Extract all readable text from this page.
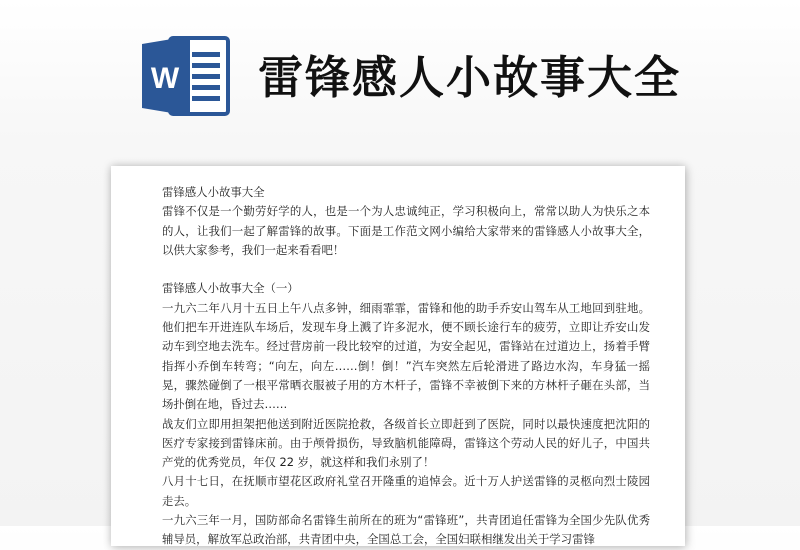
W 雷锋感人小故事大全

雷锋感人小故事大全

雷锋不仅是一个勤劳好学的人，也是一个为人忠诚纯正，学习积极向上，常常以助人为快乐之本的人，让我们一起了解雷锋的故事。下面是工作范文网小编给大家带来的雷锋感人小故事大全，以供大家参考，我们一起来看看吧！

雷锋感人小故事大全（一）

一九六二年八月十五日上午八点多钟，细雨霏霏，雷锋和他的助手乔安山驾车从工地回到驻地。他们把车开进连队车场后，发现车身上溅了许多泥水，便不顾长途行车的疲劳，立即让乔安山发动车到空地去洗车。经过营房前一段比较窄的过道，为安全起见，雷锋站在过道边上，扬着手臂指挥小乔倒车转弯；“向左，向左……倒！倒！”汽车突然左后轮滑进了路边水沟，车身猛一摇晃，骤然碰倒了一根平常晒衣服被子用的方木杆子，雷锋不幸被倒下来的方林杆子砸在头部，当场扑倒在地，昏过去……

战友们立即用担架把他送到附近医院抢救，各级首长立即赶到了医院，同时以最快速度把沈阳的医疗专家接到雷锋床前。由于颅骨损伤，导致脑机能障碍，雷锋这个劳动人民的好儿子，中国共产党的优秀党员，年仅 22 岁，就这样和我们永别了！

八月十七日，在抚顺市望花区政府礼堂召开隆重的追悼会。近十万人护送雷锋的灵柩向烈士陵园走去。

一九六三年一月，国防部命名雷锋生前所在的班为“雷锋班”，共青团追任雷锋为全国少先队优秀辅导员，解放军总政治部，共青团中央，全国总工会，全国妇联相继发出关于学习雷锋
